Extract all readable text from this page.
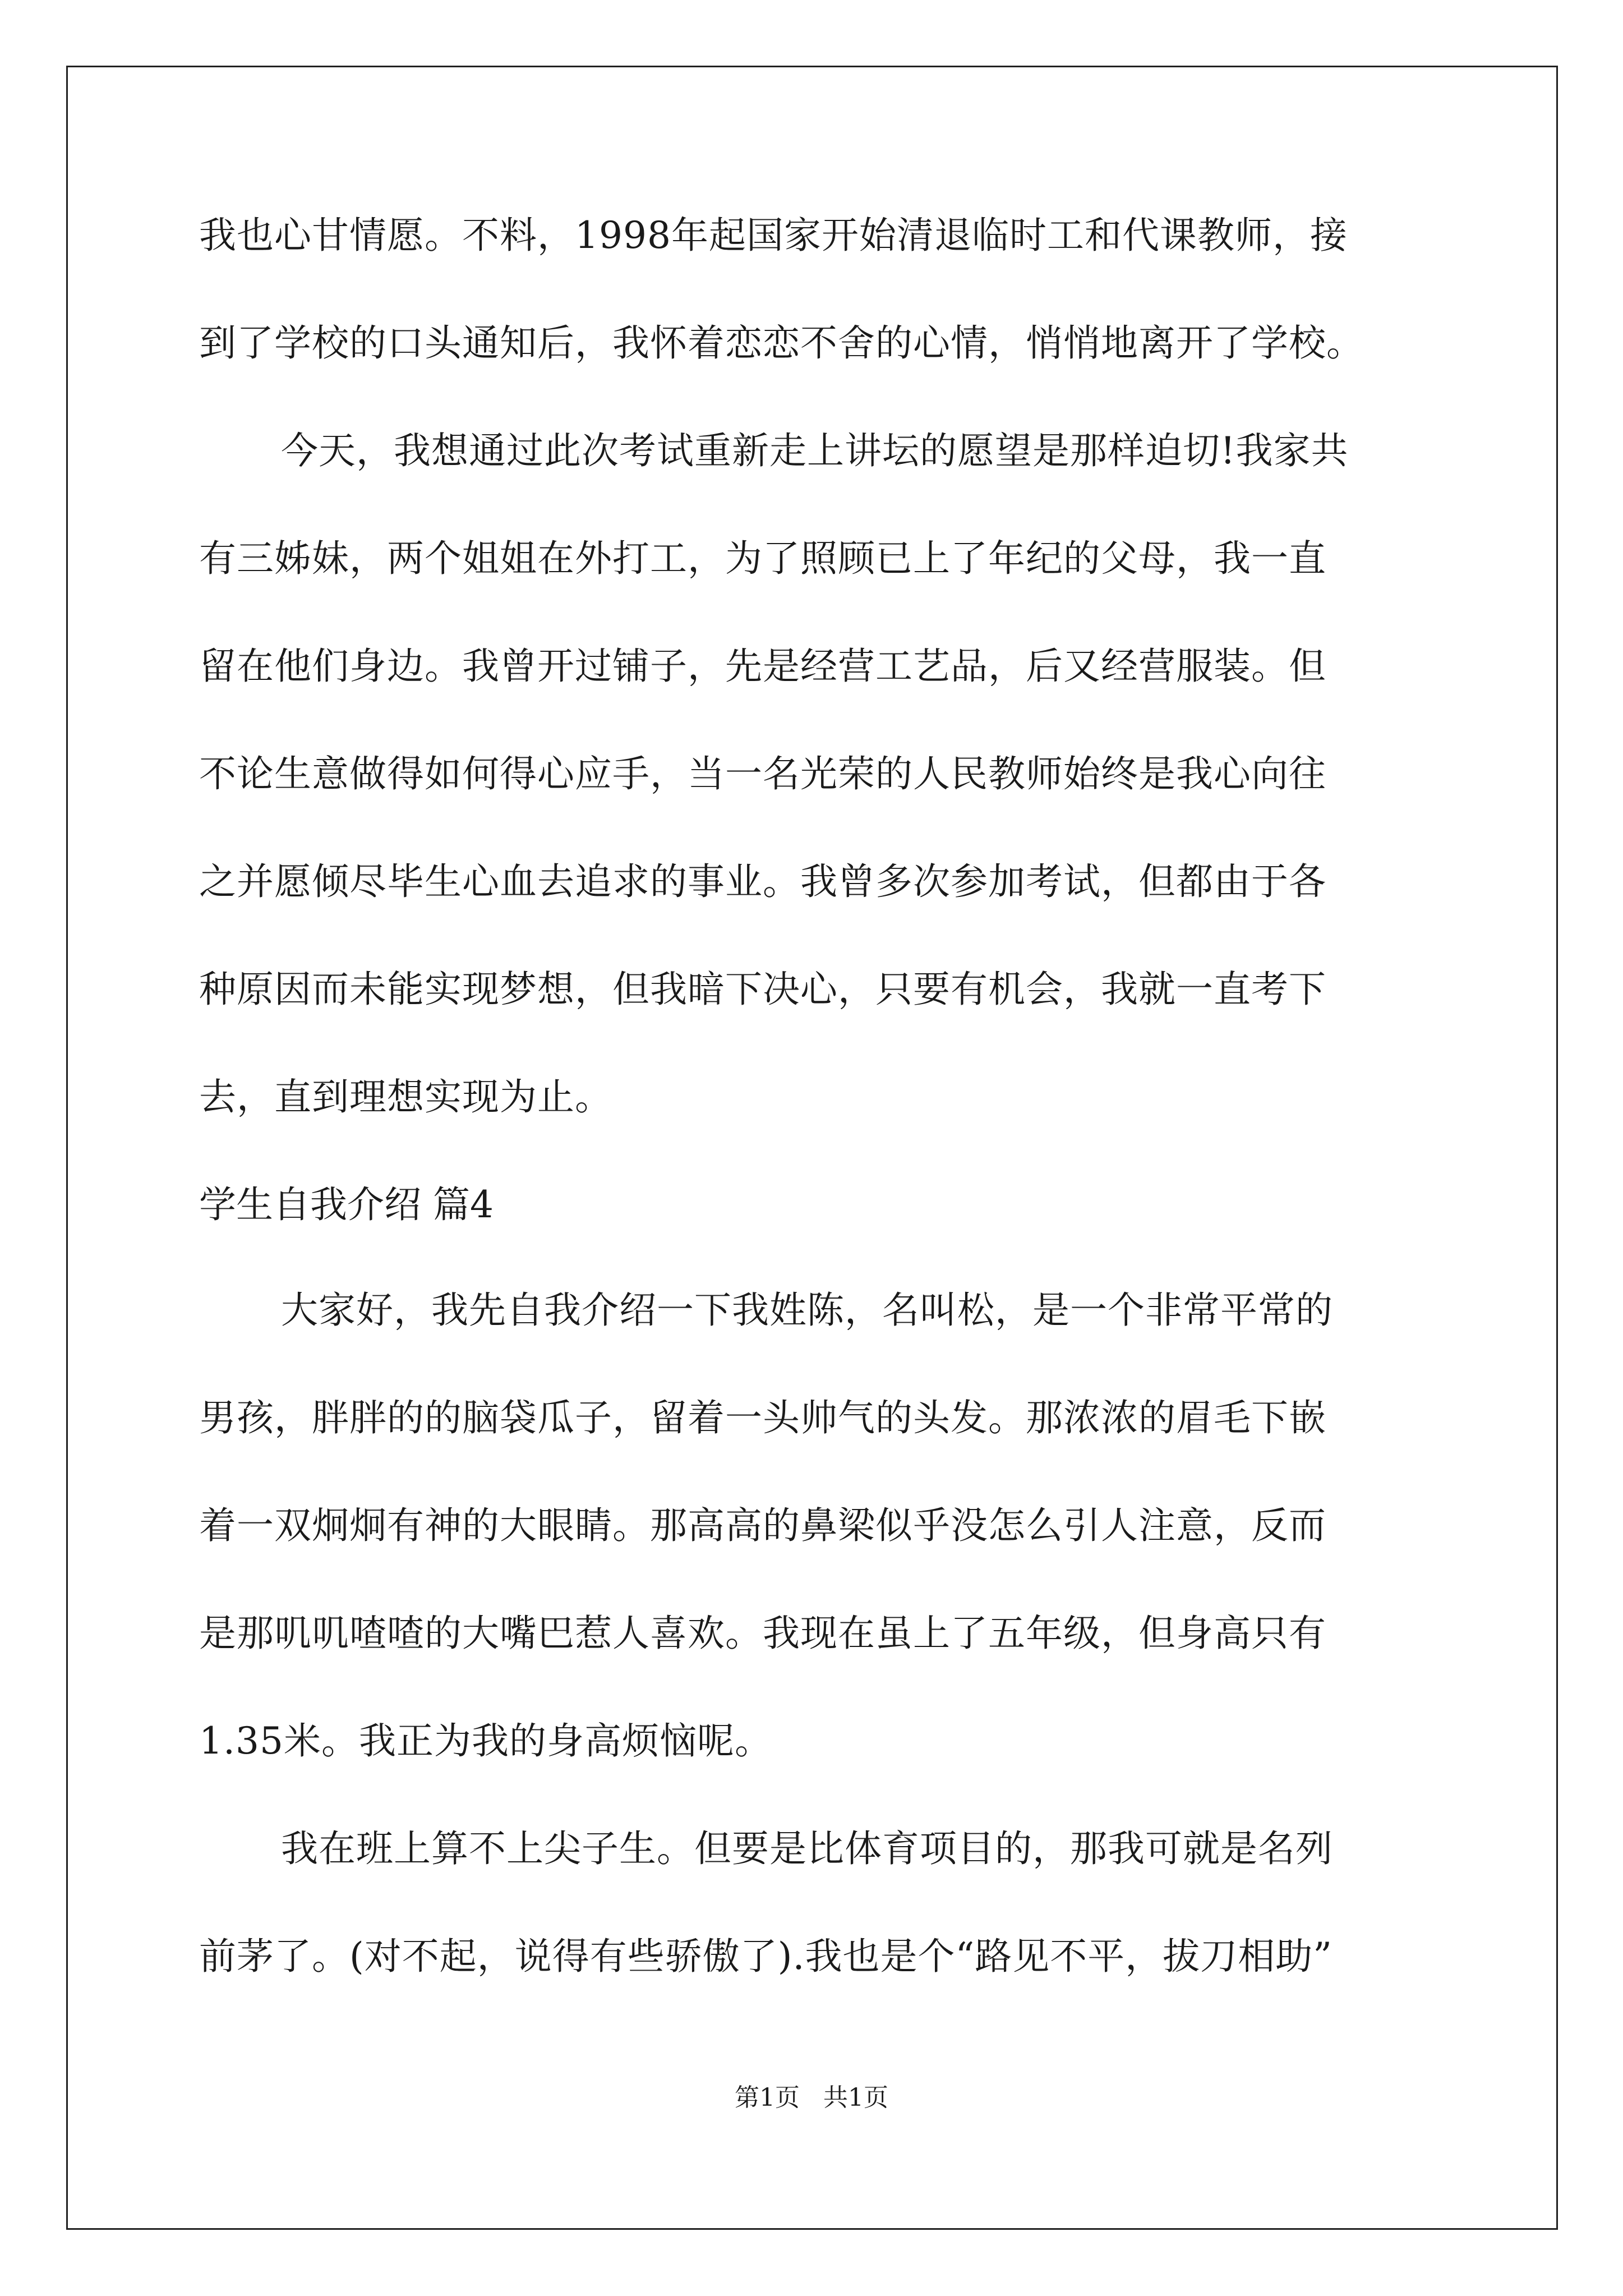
我也心甘情愿。不料，1998年起国家开始清退临时工和代课教师，接
到了学校的口头通知后，我怀着恋恋不舍的心情，悄悄地离开了学校。
今天，我想通过此次考试重新走上讲坛的愿望是那样迫切!我家共
有三姊妹，两个姐姐在外打工，为了照顾已上了年纪的父母，我一直
留在他们身边。我曾开过铺子，先是经营工艺品，后又经营服装。但
不论生意做得如何得心应手，当一名光荣的人民教师始终是我心向往
之并愿倾尽毕生心血去追求的事业。我曾多次参加考试，但都由于各
种原因而未能实现梦想，但我暗下决心，只要有机会，我就一直考下
去，直到理想实现为止。
学生自我介绍 篇4
大家好，我先自我介绍一下我姓陈，名叫松，是一个非常平常的
男孩，胖胖的的脑袋瓜子，留着一头帅气的头发。那浓浓的眉毛下嵌
着一双炯炯有神的大眼睛。那高高的鼻梁似乎没怎么引人注意，反而
是那叽叽喳喳的大嘴巴惹人喜欢。我现在虽上了五年级，但身高只有
1.35米。我正为我的身高烦恼呢。
我在班上算不上尖子生。但要是比体育项目的，那我可就是名列
前茅了。(对不起，说得有些骄傲了).我也是个“路见不平，拔刀相助”
第1页   共1页
